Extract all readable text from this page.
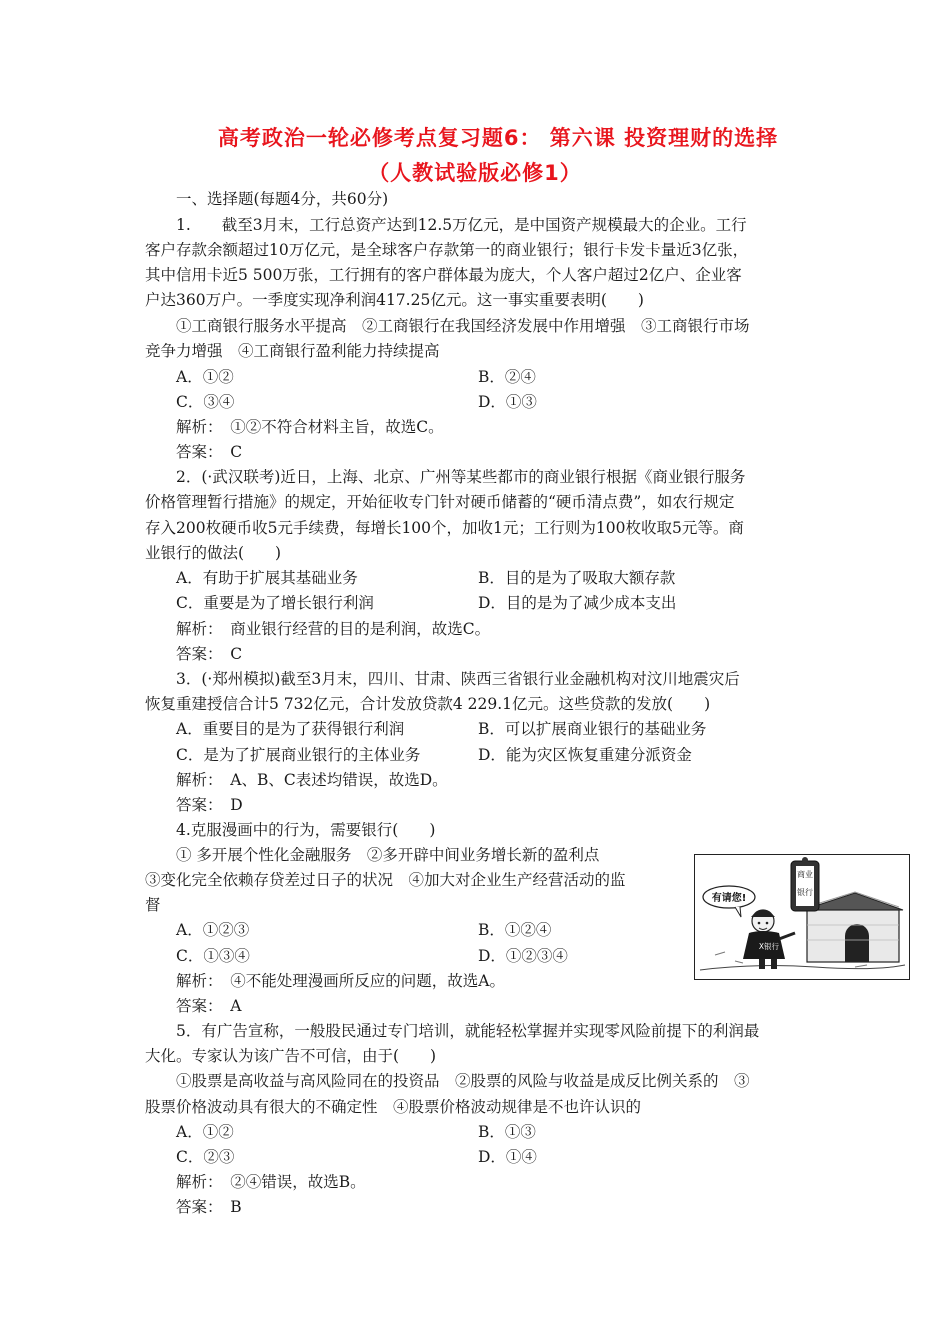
高考政治一轮必修考点复习题6： 第六课 投资理财的选择
（人教试验版必修1）
一、选择题(每题4分，共60分)
1.　　截至3月末，工行总资产达到12.5万亿元，是中国资产规模最大的企业。工行
客户存款余额超过10万亿元，是全球客户存款第一的商业银行；银行卡发卡量近3亿张，
其中信用卡近5 500万张，工行拥有的客户群体最为庞大，个人客户超过2亿户、企业客
户达360万户。一季度实现净利润417.25亿元。这一事实重要表明(　　)
①工商银行服务水平提高　②工商银行在我国经济发展中作用增强　③工商银行市场
竞争力增强　④工商银行盈利能力持续提高
A．①②	B．②④
C．③④	D．①③
解析：　①②不符合材料主旨，故选C。
答案：　C
2．(·武汉联考)近日，上海、北京、广州等某些都市的商业银行根据《商业银行服务
价格管理暂行措施》的规定，开始征收专门针对硬币储蓄的“硬币清点费”，如农行规定
存入200枚硬币收5元手续费，每增长100个，加收1元；工行则为100枚收取5元等。商
业银行的做法(　　)
A．有助于扩展其基础业务	B．目的是为了吸取大额存款
C．重要是为了增长银行利润	D．目的是为了减少成本支出
解析：　商业银行经营的目的是利润，故选C。
答案：　C
3．(·郑州模拟)截至3月末，四川、甘肃、陕西三省银行业金融机构对汶川地震灾后
恢复重建授信合计5 732亿元，合计发放贷款4 229.1亿元。这些贷款的发放(　　)
A．重要目的是为了获得银行利润	B．可以扩展商业银行的基础业务
C．是为了扩展商业银行的主体业务	D．能为灾区恢复重建分派资金
解析：　A、B、C表述均错误，故选D。
答案：　D
4.克服漫画中的行为，需要银行(　　)
① 多开展个性化金融服务　②多开辟中间业务增长新的盈利点
③变化完全依赖存贷差过日子的状况　④加大对企业生产经营活动的监
督
A．①②③	B．①②④
C．①③④	D．①②③④
解析：　④不能处理漫画所反应的问题，故选A。
答案：　A
商业
银行
有请您!
X银行
5．有广告宣称，一般股民通过专门培训，就能轻松掌握并实现零风险前提下的利润最
大化。专家认为该广告不可信，由于(　　)
①股票是高收益与高风险同在的投资品　②股票的风险与收益是成反比例关系的　③
股票价格波动具有很大的不确定性　④股票价格波动规律是不也许认识的
A．①②	B．①③
C．②③	D．①④
解析：　②④错误，故选B。
答案：　B
